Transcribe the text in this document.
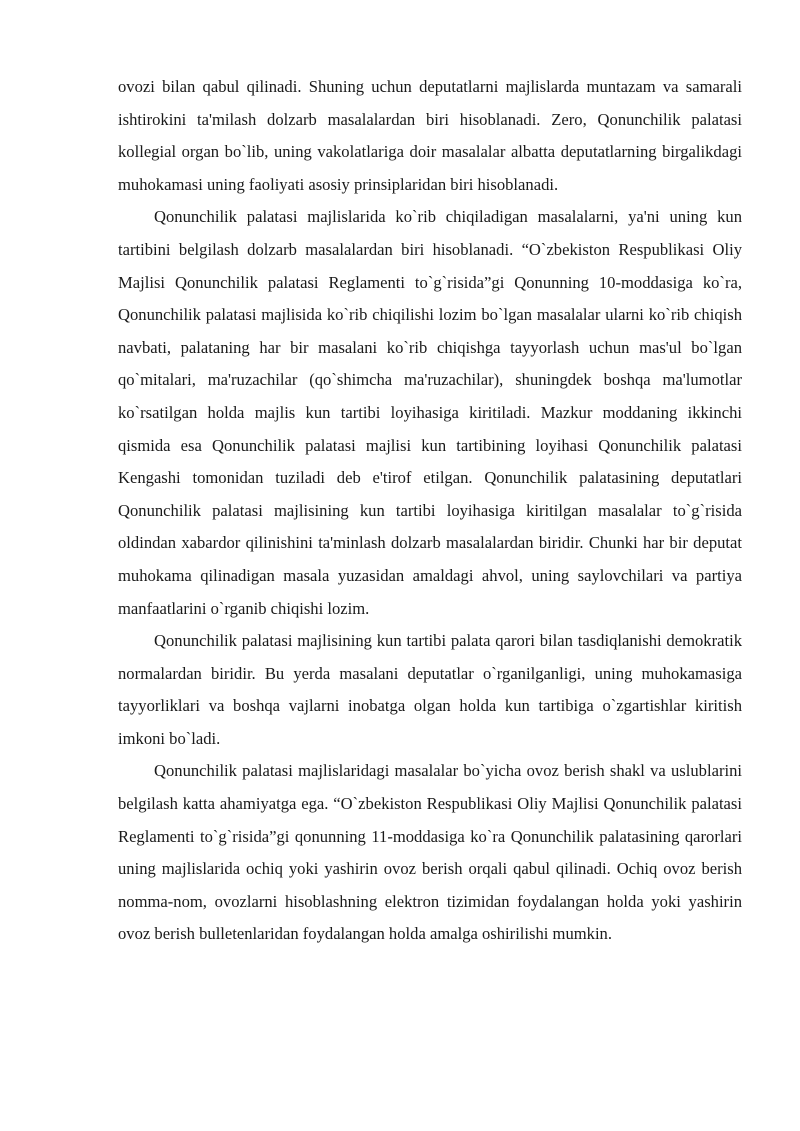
ovozi bilan qabul qilinadi. Shuning uchun deputatlarni majlislarda muntazam va samarali ishtirokini ta'milash dolzarb masalalardan biri hisoblanadi. Zero, Qonunchilik palatasi kollegial organ bo`lib, uning vakolatlariga doir masalalar albatta deputatlarning birgalikdagi muhokamasi uning faoliyati asosiy prinsiplaridan biri hisoblanadi.

Qonunchilik palatasi majlislarida ko`rib chiqiladigan masalalarni, ya'ni uning kun tartibini belgilash dolzarb masalalardan biri hisoblanadi. “O`zbekiston Respublikasi Oliy Majlisi Qonunchilik palatasi Reglamenti to`g`risida”gi Qonunning 10-moddasiga ko`ra, Qonunchilik palatasi majlisida ko`rib chiqilishi lozim bo`lgan masalalar ularni ko`rib chiqish navbati, palataning har bir masalani ko`rib chiqishga tayyorlash uchun mas'ul bo`lgan qo`mitalari, ma'ruzachilar (qo`shimcha ma'ruzachilar), shuningdek boshqa ma'lumotlar ko`rsatilgan holda majlis kun tartibi loyihasiga kiritiladi. Mazkur moddaning ikkinchi qismida esa Qonunchilik palatasi majlisi kun tartibining loyihasi Qonunchilik palatasi Kengashi tomonidan tuziladi deb e'tirof etilgan. Qonunchilik palatasining deputatlari Qonunchilik palatasi majlisining kun tartibi loyihasiga kiritilgan masalalar to`g`risida oldindan xabardor qilinishini ta'minlash dolzarb masalalardan biridir. Chunki har bir deputat muhokama qilinadigan masala yuzasidan amaldagi ahvol, uning saylovchilari va partiya manfaatlarini o`rganib chiqishi lozim.

Qonunchilik palatasi majlisining kun tartibi palata qarori bilan tasdiqlanishi demokratik normalardan biridir. Bu yerda masalani deputatlar o`rganilganligi, uning muhokamasiga tayyorliklari va boshqa vajlarni inobatga olgan holda kun tartibiga o`zgartishlar kiritish imkoni bo`ladi.

Qonunchilik palatasi majlislaridagi masalalar bo`yicha ovoz berish shakl va uslublarini belgilash katta ahamiyatga ega. “O`zbekiston Respublikasi Oliy Majlisi Qonunchilik palatasi Reglamenti to`g`risida”gi qonunning 11-moddasiga ko`ra Qonunchilik palatasining qarorlari uning majlislarida ochiq yoki yashirin ovoz berish orqali qabul qilinadi. Ochiq ovoz berish nomma-nom, ovozlarni hisoblashning elektron tizimidan foydalangan holda yoki yashirin ovoz berish bulletenlaridan foydalangan holda amalga oshirilishi mumkin.
